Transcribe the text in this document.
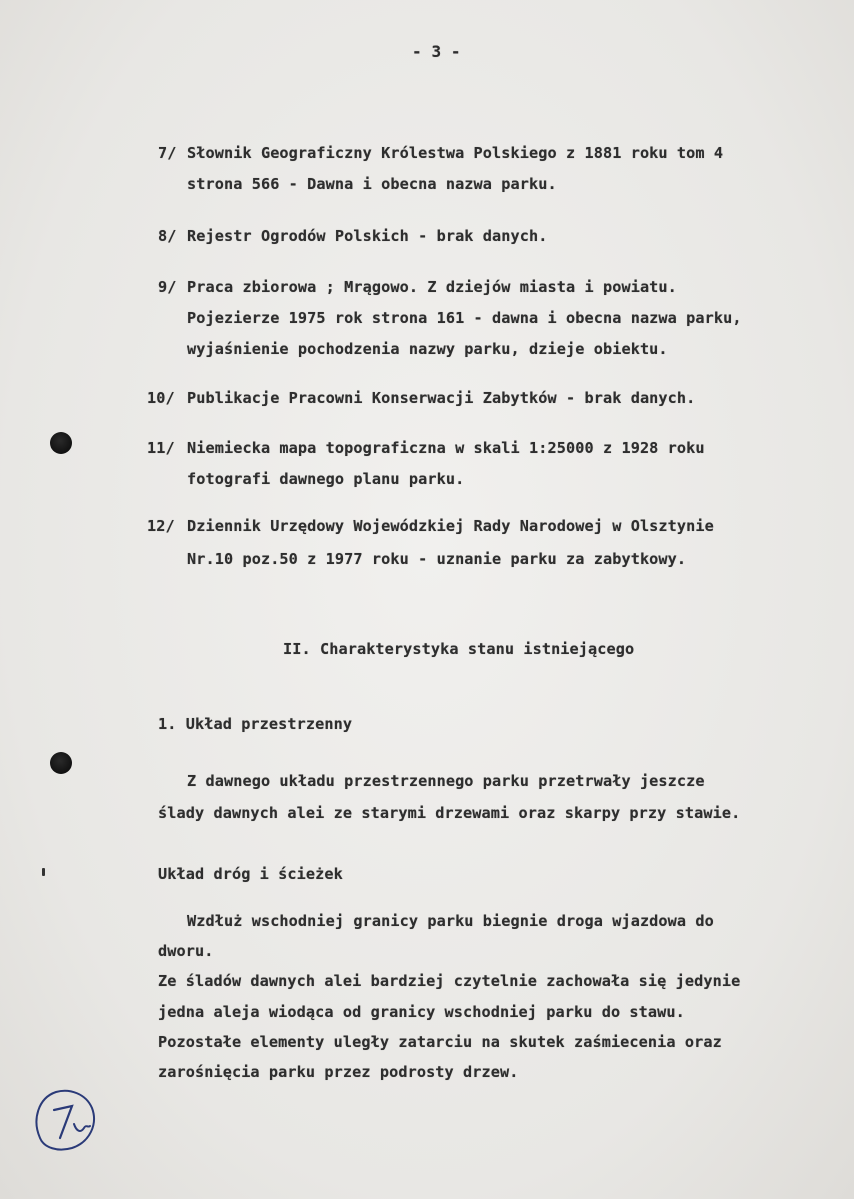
- 3 -
7/ Słownik Geograficzny Królestwa Polskiego z 1881 roku tom 4
strona 566 - Dawna i obecna nazwa parku.
8/ Rejestr Ogrodów Polskich - brak danych.
9/ Praca zbiorowa ; Mrągowo. Z dziejów miasta i powiatu.
Pojezierze 1975 rok strona 161 - dawna i obecna nazwa parku,
wyjaśnienie pochodzenia nazwy parku, dzieje obiektu.
10/ Publikacje Pracowni Konserwacji Zabytków - brak danych.
11/ Niemiecka mapa topograficzna w skali 1:25000 z 1928 roku
fotografi dawnego planu parku.
12/ Dziennik Urzędowy Wojewódzkiej Rady Narodowej w Olsztynie
Nr.10 poz.50 z 1977 roku - uznanie parku za zabytkowy.
II. Charakterystyka stanu istniejącego
1. Układ przestrzenny
Z dawnego układu przestrzennego parku przetrwały jeszcze
ślady dawnych alei ze starymi drzewami oraz skarpy przy stawie.
Układ dróg i ścieżek
Wzdłuż wschodniej granicy parku biegnie droga wjazdowa do
dworu.
Ze śladów dawnych alei bardziej czytelnie zachowała się jedynie
jedna aleja wiodąca od granicy wschodniej parku do stawu.
Pozostałe elementy uległy zatarciu na skutek zaśmiecenia oraz
zarośnięcia parku przez podrosty drzew.
